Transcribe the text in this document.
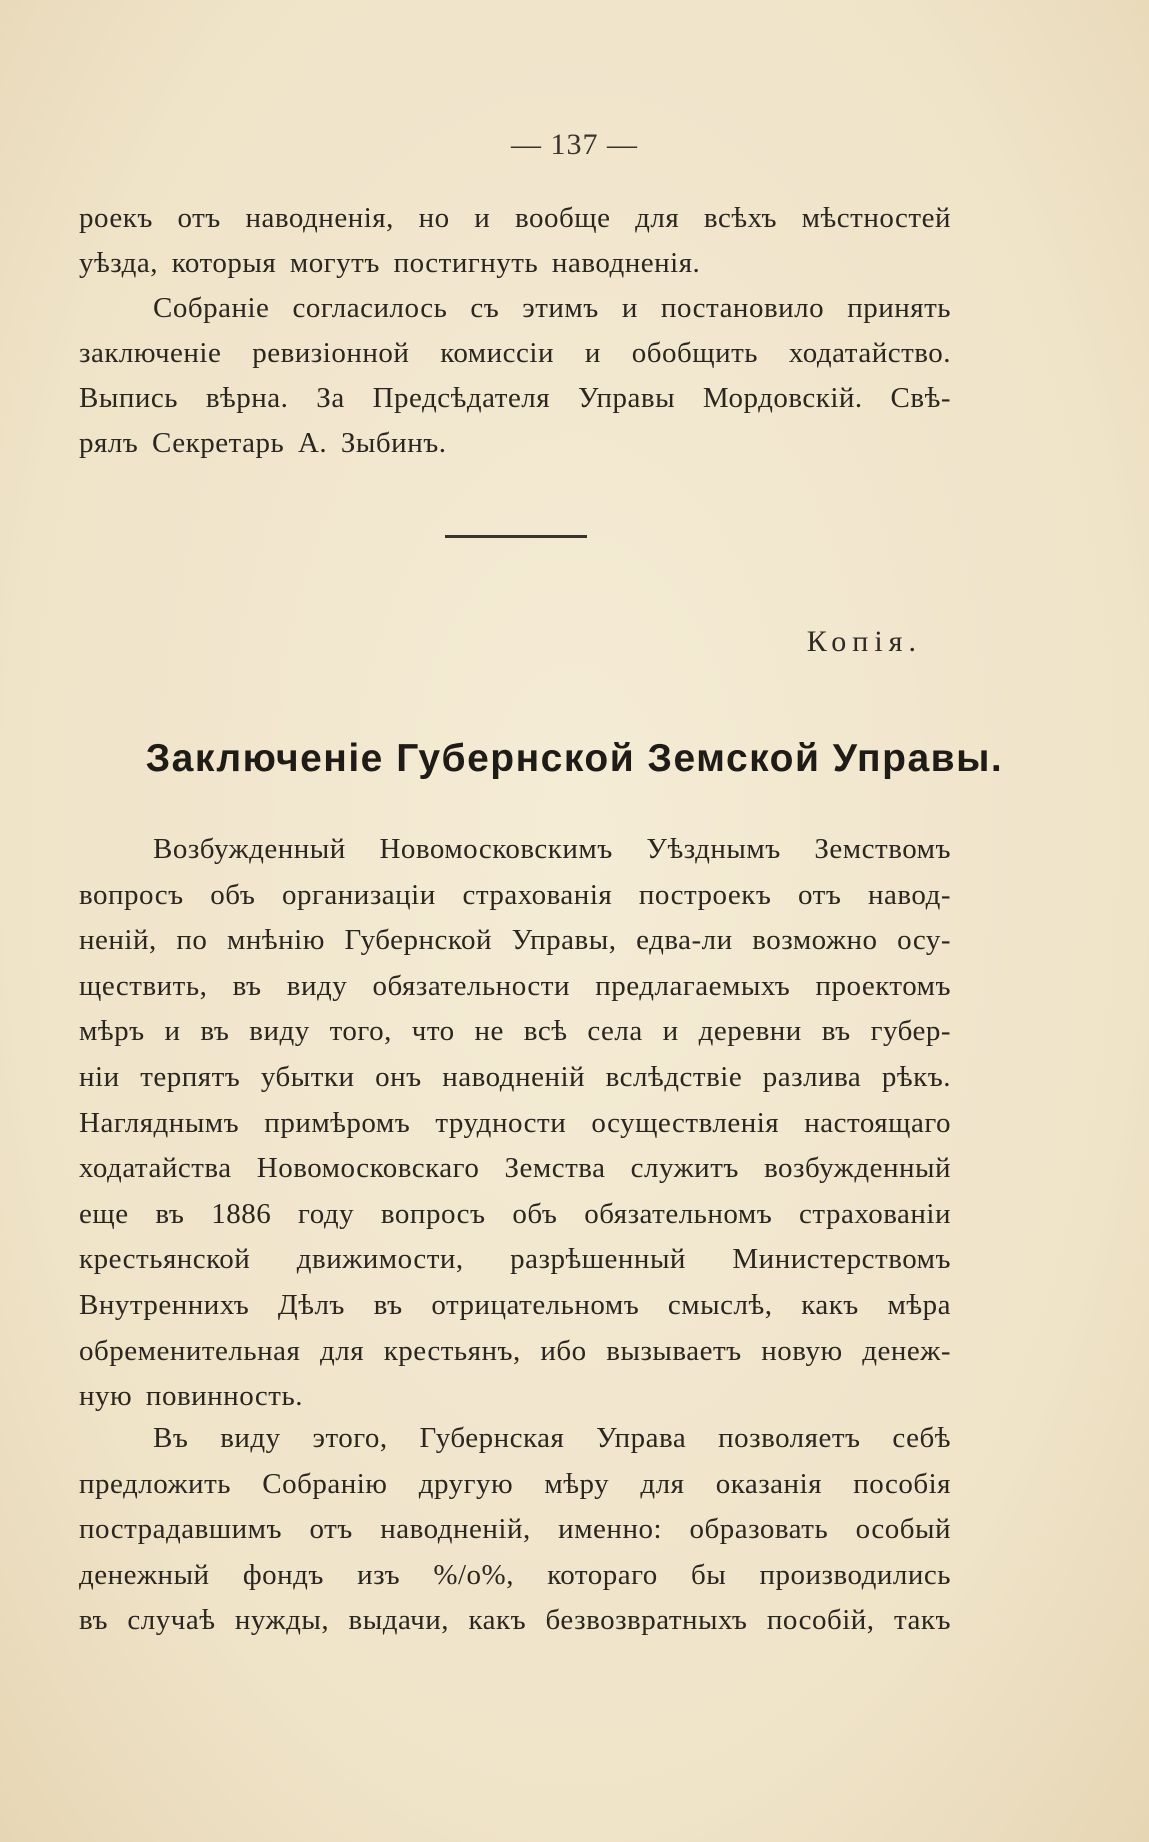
— 137 —
роекъ отъ наводненія, но и вообще для всѣхъ мѣстностей
уѣзда, которыя могутъ постигнуть наводненія.
Собраніе согласилось съ этимъ и постановило принять
заключеніе ревизіонной комиссіи и обобщить ходатайство.
Выпись вѣрна. За Предсѣдателя Управы Мордовскій. Свѣ-
рялъ Секретарь А. Зыбинъ.
Копія.
Заключеніе Губернской Земской Управы.
Возбужденный Новомосковскимъ Уѣзднымъ Земствомъ
вопросъ объ организаціи страхованія построекъ отъ навод-
неній, по мнѣнію Губернской Управы, едва-ли возможно осу-
ществить, въ виду обязательности предлагаемыхъ проектомъ
мѣръ и въ виду того, что не всѣ села и деревни въ губер-
ніи терпятъ убытки онъ наводненій вслѣдствіе разлива рѣкъ.
Нагляднымъ примѣромъ трудности осуществленія настоящаго
ходатайства Новомосковскаго Земства служитъ возбужденный
еще въ 1886 году вопросъ объ обязательномъ страхованіи
крестьянской движимости, разрѣшенный Министерствомъ
Внутреннихъ Дѣлъ въ отрицательномъ смыслѣ, какъ мѣра
обременительная для крестьянъ, ибо вызываетъ новую денеж-
ную повинность.
Въ виду этого, Губернская Управа позволяетъ себѣ
предложить Собранію другую мѣру для оказанія пособія
пострадавшимъ отъ наводненій, именно: образовать особый
денежный фондъ изъ %/о%, котораго бы производились
въ случаѣ нужды, выдачи, какъ безвозвратныхъ пособій, такъ
